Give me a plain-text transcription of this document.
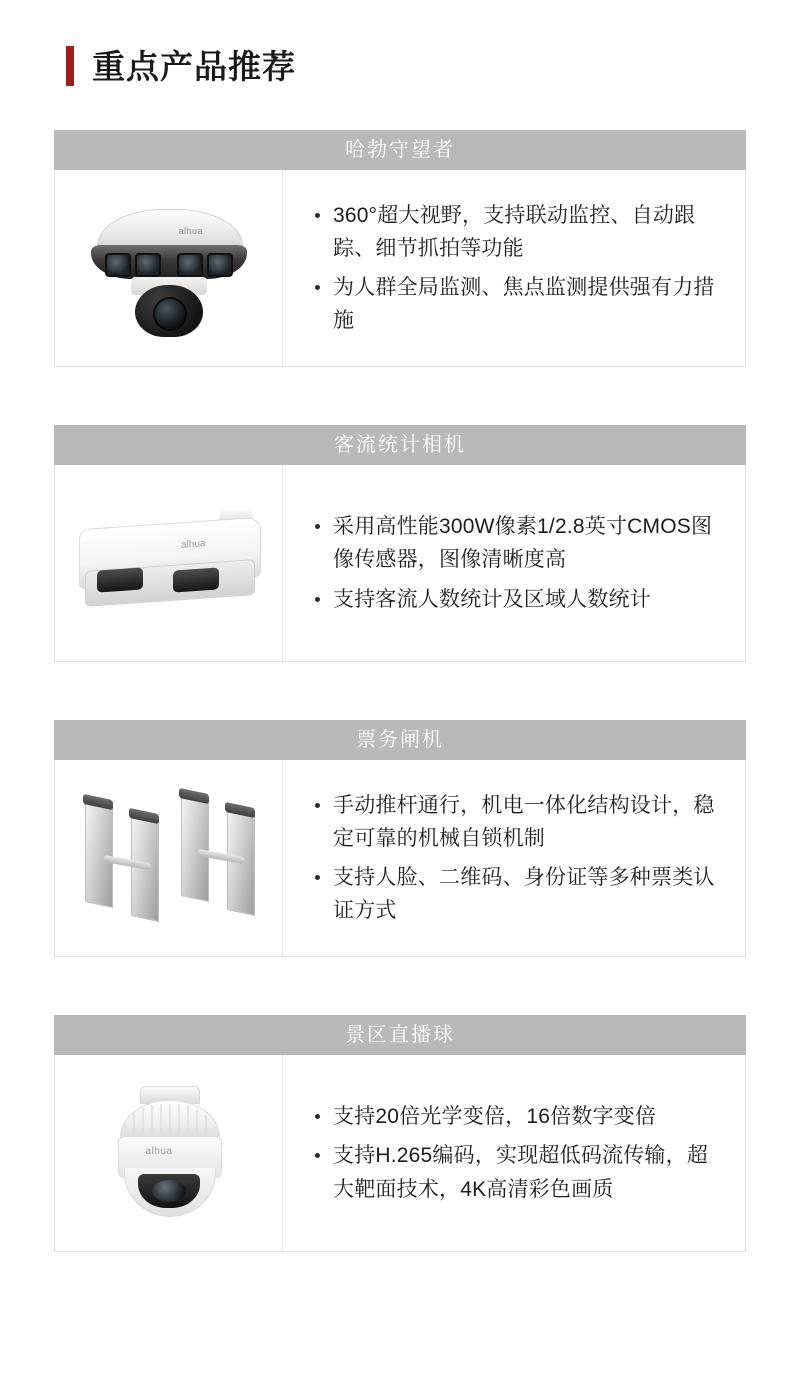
重点产品推荐
哈勃守望者
alhua
360°超大视野，支持联动监控、自动跟踪、细节抓拍等功能
为人群全局监测、焦点监测提供强有力措施
客流统计相机
alhua
采用高性能300W像素1/2.8英寸CMOS图像传感器，图像清晰度高
支持客流人数统计及区域人数统计
票务闸机
手动推杆通行，机电一体化结构设计，稳定可靠的机械自锁机制
支持人脸、二维码、身份证等多种票类认证方式
景区直播球
alhua
支持20倍光学变倍，16倍数字变倍
支持H.265编码，实现超低码流传输，超大靶面技术，4K高清彩色画质
